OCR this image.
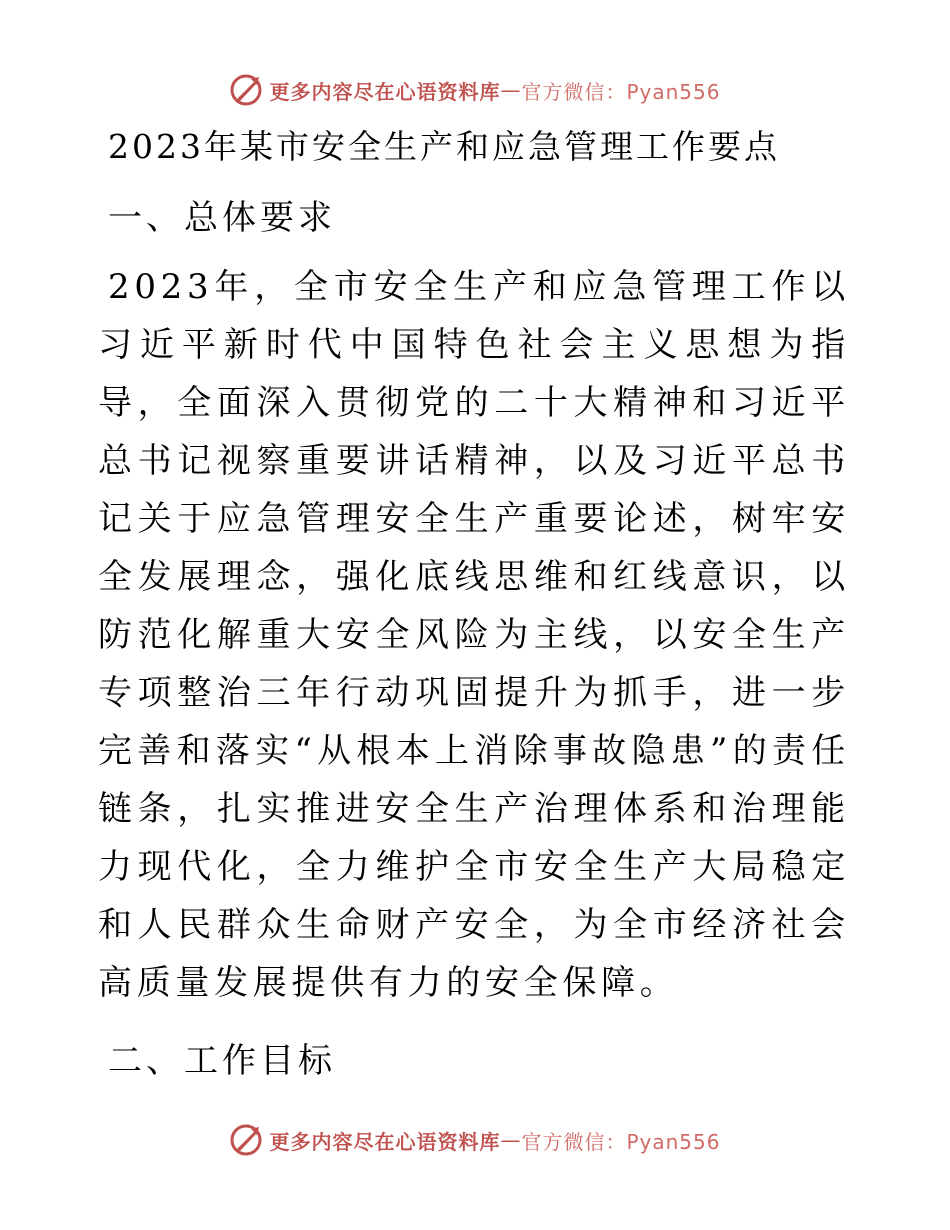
更多内容尽在心语资料库 — 官方微信：Pyan556
2023年某市安全生产和应急管理工作要点
一、总体要求

2023年，全市安全生产和应急管理工作以习近平新时代中国特色社会主义思想为指导，全面深入贯彻党的二十大精神和习近平总书记视察重要讲话精神，以及习近平总书记关于应急管理安全生产重要论述，树牢安全发展理念，强化底线思维和红线意识，以防范化解重大安全风险为主线，以安全生产专项整治三年行动巩固提升为抓手，进一步完善和落实“从根本上消除事故隐患”的责任链条，扎实推进安全生产治理体系和治理能力现代化，全力维护全市安全生产大局稳定和人民群众生命财产安全，为全市经济社会高质量发展提供有力的安全保障。

二、工作目标
更多内容尽在心语资料库 — 官方微信：Pyan556
